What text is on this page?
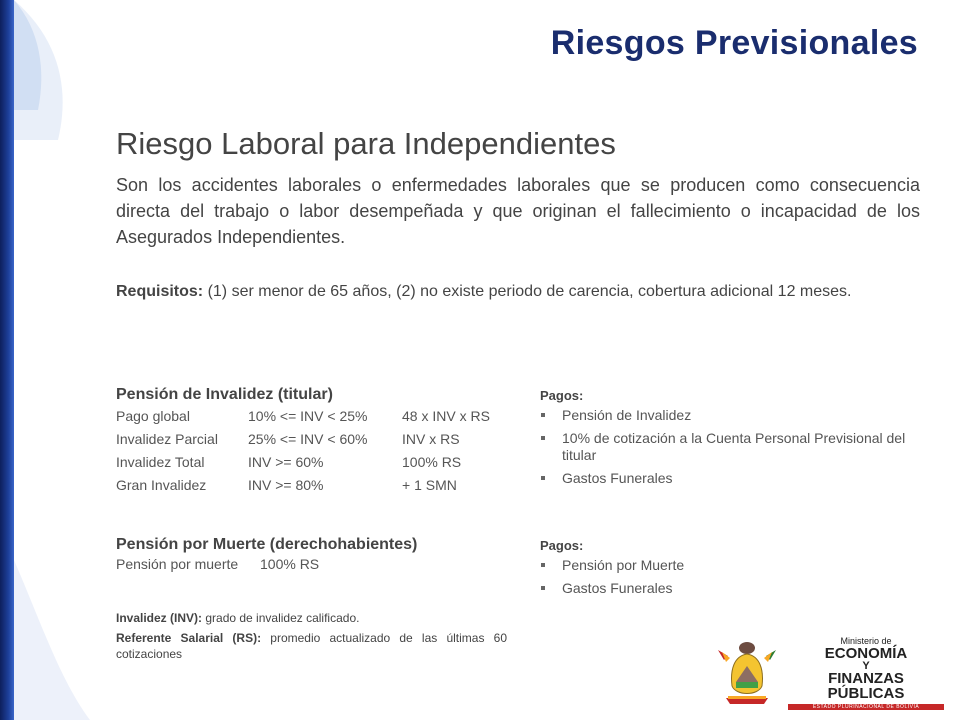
Riesgos Previsionales
Riesgo Laboral para Independientes

Son los accidentes laborales o enfermedades laborales que se producen como consecuencia directa del trabajo o labor desempeñada y que originan el fallecimiento o incapacidad de los Asegurados Independientes.

Requisitos: (1) ser menor de 65 años, (2) no existe periodo de carencia, cobertura adicional 12 meses.

Pensión de Invalidez (titular)

Pago global	10% <= INV < 25%	48 x INV x RS
Invalidez Parcial	25% <= INV < 60%	INV x RS
Invalidez Total	INV >= 60%	100% RS
Gran Invalidez	INV >= 80%	+ 1 SMN

Pensión por Muerte (derechohabientes)

Pensión por muerte	100% RS

Invalidez (INV): grado de invalidez calificado.

Referente Salarial (RS): promedio actualizado de las últimas 60 cotizaciones

Pagos:

Pensión de Invalidez
10% de cotización a la Cuenta Personal Previsional del titular
Gastos Funerales

Pagos:

Pensión por Muerte
Gastos Funerales
Ministerio de
ECONOMÍA
Y
FINANZAS PÚBLICAS
ESTADO PLURINACIONAL DE BOLIVIA
